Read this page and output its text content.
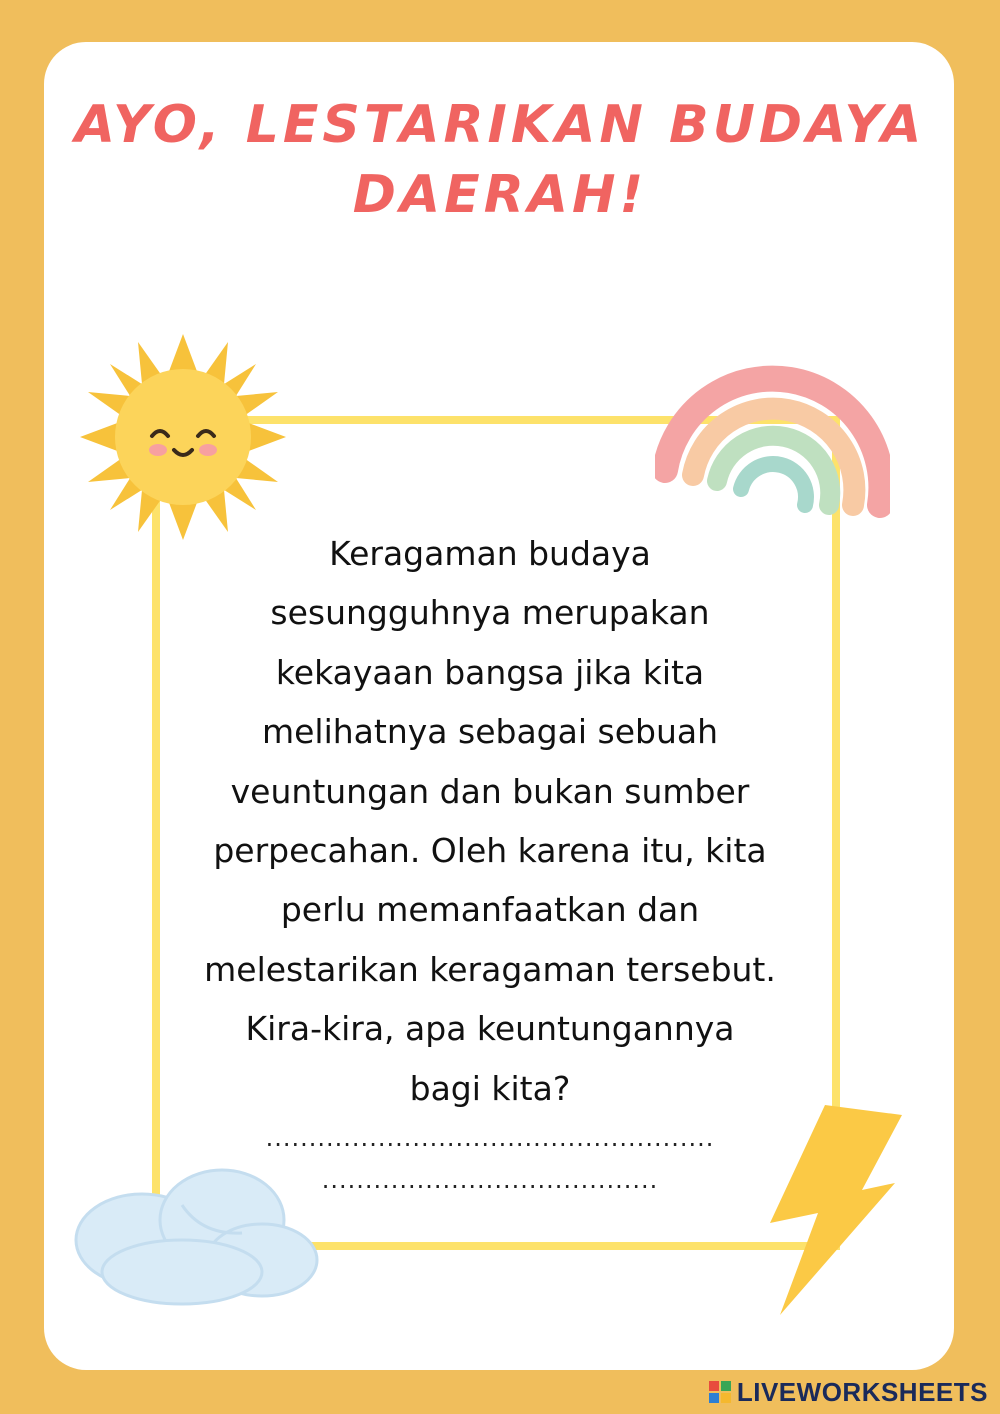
AYO, LESTARIKAN BUDAYA DAERAH!

Keragaman budaya
sesungguhnya merupakan
kekayaan bangsa jika kita
melihatnya sebagai sebuah
veuntungan dan bukan sumber
perpecahan. Oleh karena itu, kita
perlu memanfaatkan dan
melestarikan keragaman tersebut.
Kira-kira, apa keuntungannya
bagi kita?

....................................................
.......................................
LIVEWORKSHEETS
